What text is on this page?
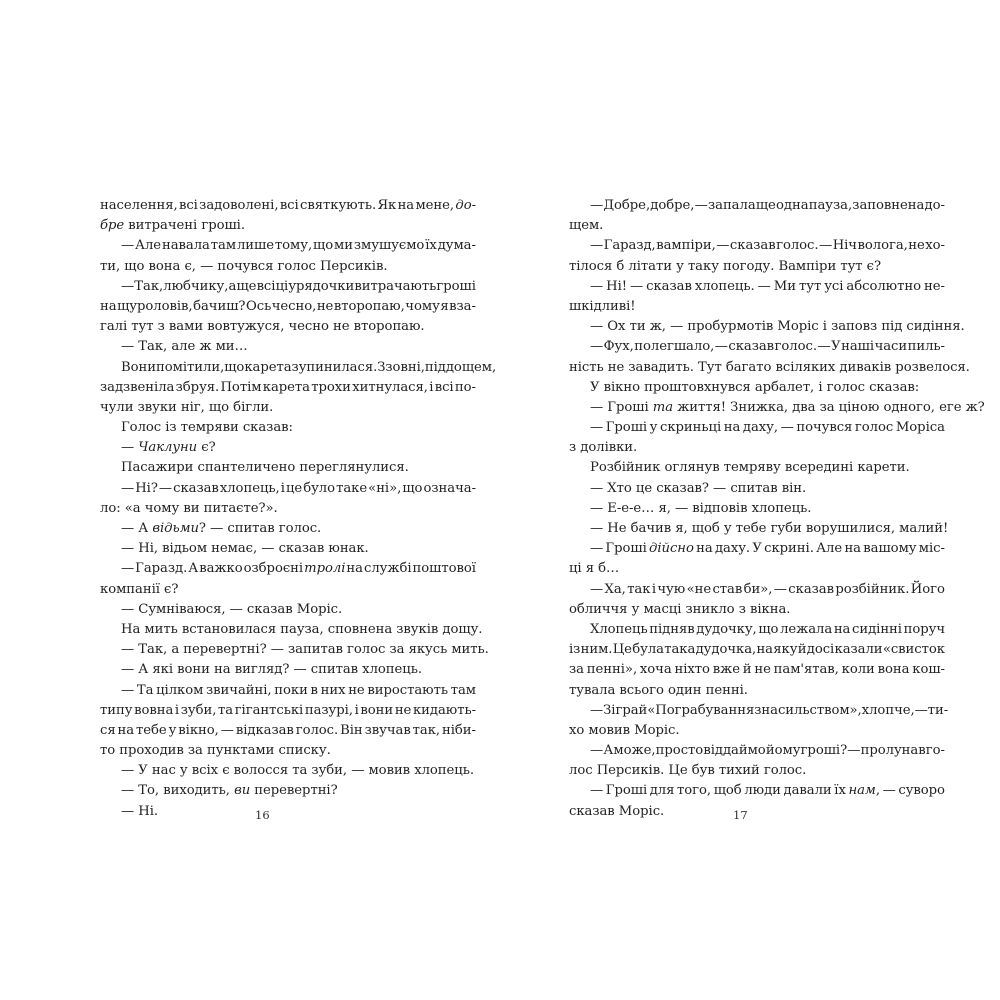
населення, всі задоволені, всі святкують. Як на мене, до-
бре витрачені гроші.
— Але навала там лише тому, що ми змушуємо їх дума-
ти, що вона є, — почувся голос Персиків.
— Так, любчику, а ще всі ці урядочки витрачають гроші
на щуроловів, бачиш? Ось чесно, не второпаю, чому я вза-
галі тут з вами вовтужуся, чесно не второпаю.
— Так, але ж ми…
Вони помітили, що карета зупинилася. Ззовні, під дощем,
задзвеніла збруя. Потім карета трохи хитнулася, і всі по-
чули звуки ніг, що бігли.
Голос із темряви сказав:
— Чаклуни є?
Пасажири спантеличено переглянулися.
— Ні? — сказав хлопець, і це було таке «ні», що означа-
ло: «а чому ви питаєте?».
— А відьми? — спитав голос.
— Ні, відьом немає, — сказав юнак.
— Гаразд. А важко озброєні тролі на службі поштової
компанії є?
— Сумніваюся, — сказав Моріс.
На мить встановилася пауза, сповнена звуків дощу.
— Так, а перевертні? — запитав голос за якусь мить.
— А які вони на вигляд? — спитав хлопець.
— Та цілком звичайні, поки в них не виростають там
типу вовна і зуби, та гігантські пазурі, і вони не кидають-
ся на тебе у вікно, — відказав голос. Він звучав так, ніби-
то проходив за пунктами списку.
— У нас у всіх є волосся та зуби, — мовив хлопець.
— То, виходить, ви перевертні?
— Ні.	16
— Добре, добре, — запала ще одна пауза, заповнена до-
щем.
— Гаразд, вампіри, — сказав голос. — Ніч волога, не хо-
тілося б літати у таку погоду. Вампіри тут є?
— Ні! — сказав хлопець. — Ми тут усі абсолютно не-
шкідливі!
— Ох ти ж, — пробурмотів Моріс і заповз під сидіння.
— Фух, полегшало, — сказав голос. — У наші часи пиль-
ність не завадить. Тут багато всіляких диваків розвелося.
У вікно проштовхнувся арбалет, і голос сказав:
— Гроші та життя! Знижка, два за ціною одного, еге ж?
— Гроші у скриньці на даху, — почувся голос Моріса
з долівки.
Розбійник оглянув темряву всередині карети.
— Хто це сказав? — спитав він.
— Е-е-е… я, — відповів хлопець.
— Не бачив я, щоб у тебе губи ворушилися, малий!
— Гроші дійсно на даху. У скрині. Але на вашому міс-
ці я б…
— Ха, так і чую «не став би», — сказав розбійник. Його
обличчя у масці зникло з вікна.
Хлопець підняв дудочку, що лежала на сидінні поруч
із ним. Це була така дудочка, на яку й досі казали «свисток
за пенні», хоча ніхто вже й не пам'ятав, коли вона кош-
тувала всього один пенні.
— Зіграй «Пограбування з насильством», хлопче, — ти-
хо мовив Моріс.
— А може, просто віддаймо йому гроші? — пролунав го-
лос Персиків. Це був тихий голос.
— Гроші для того, щоб люди давали їх нам, — суворо
сказав Моріс.	17
